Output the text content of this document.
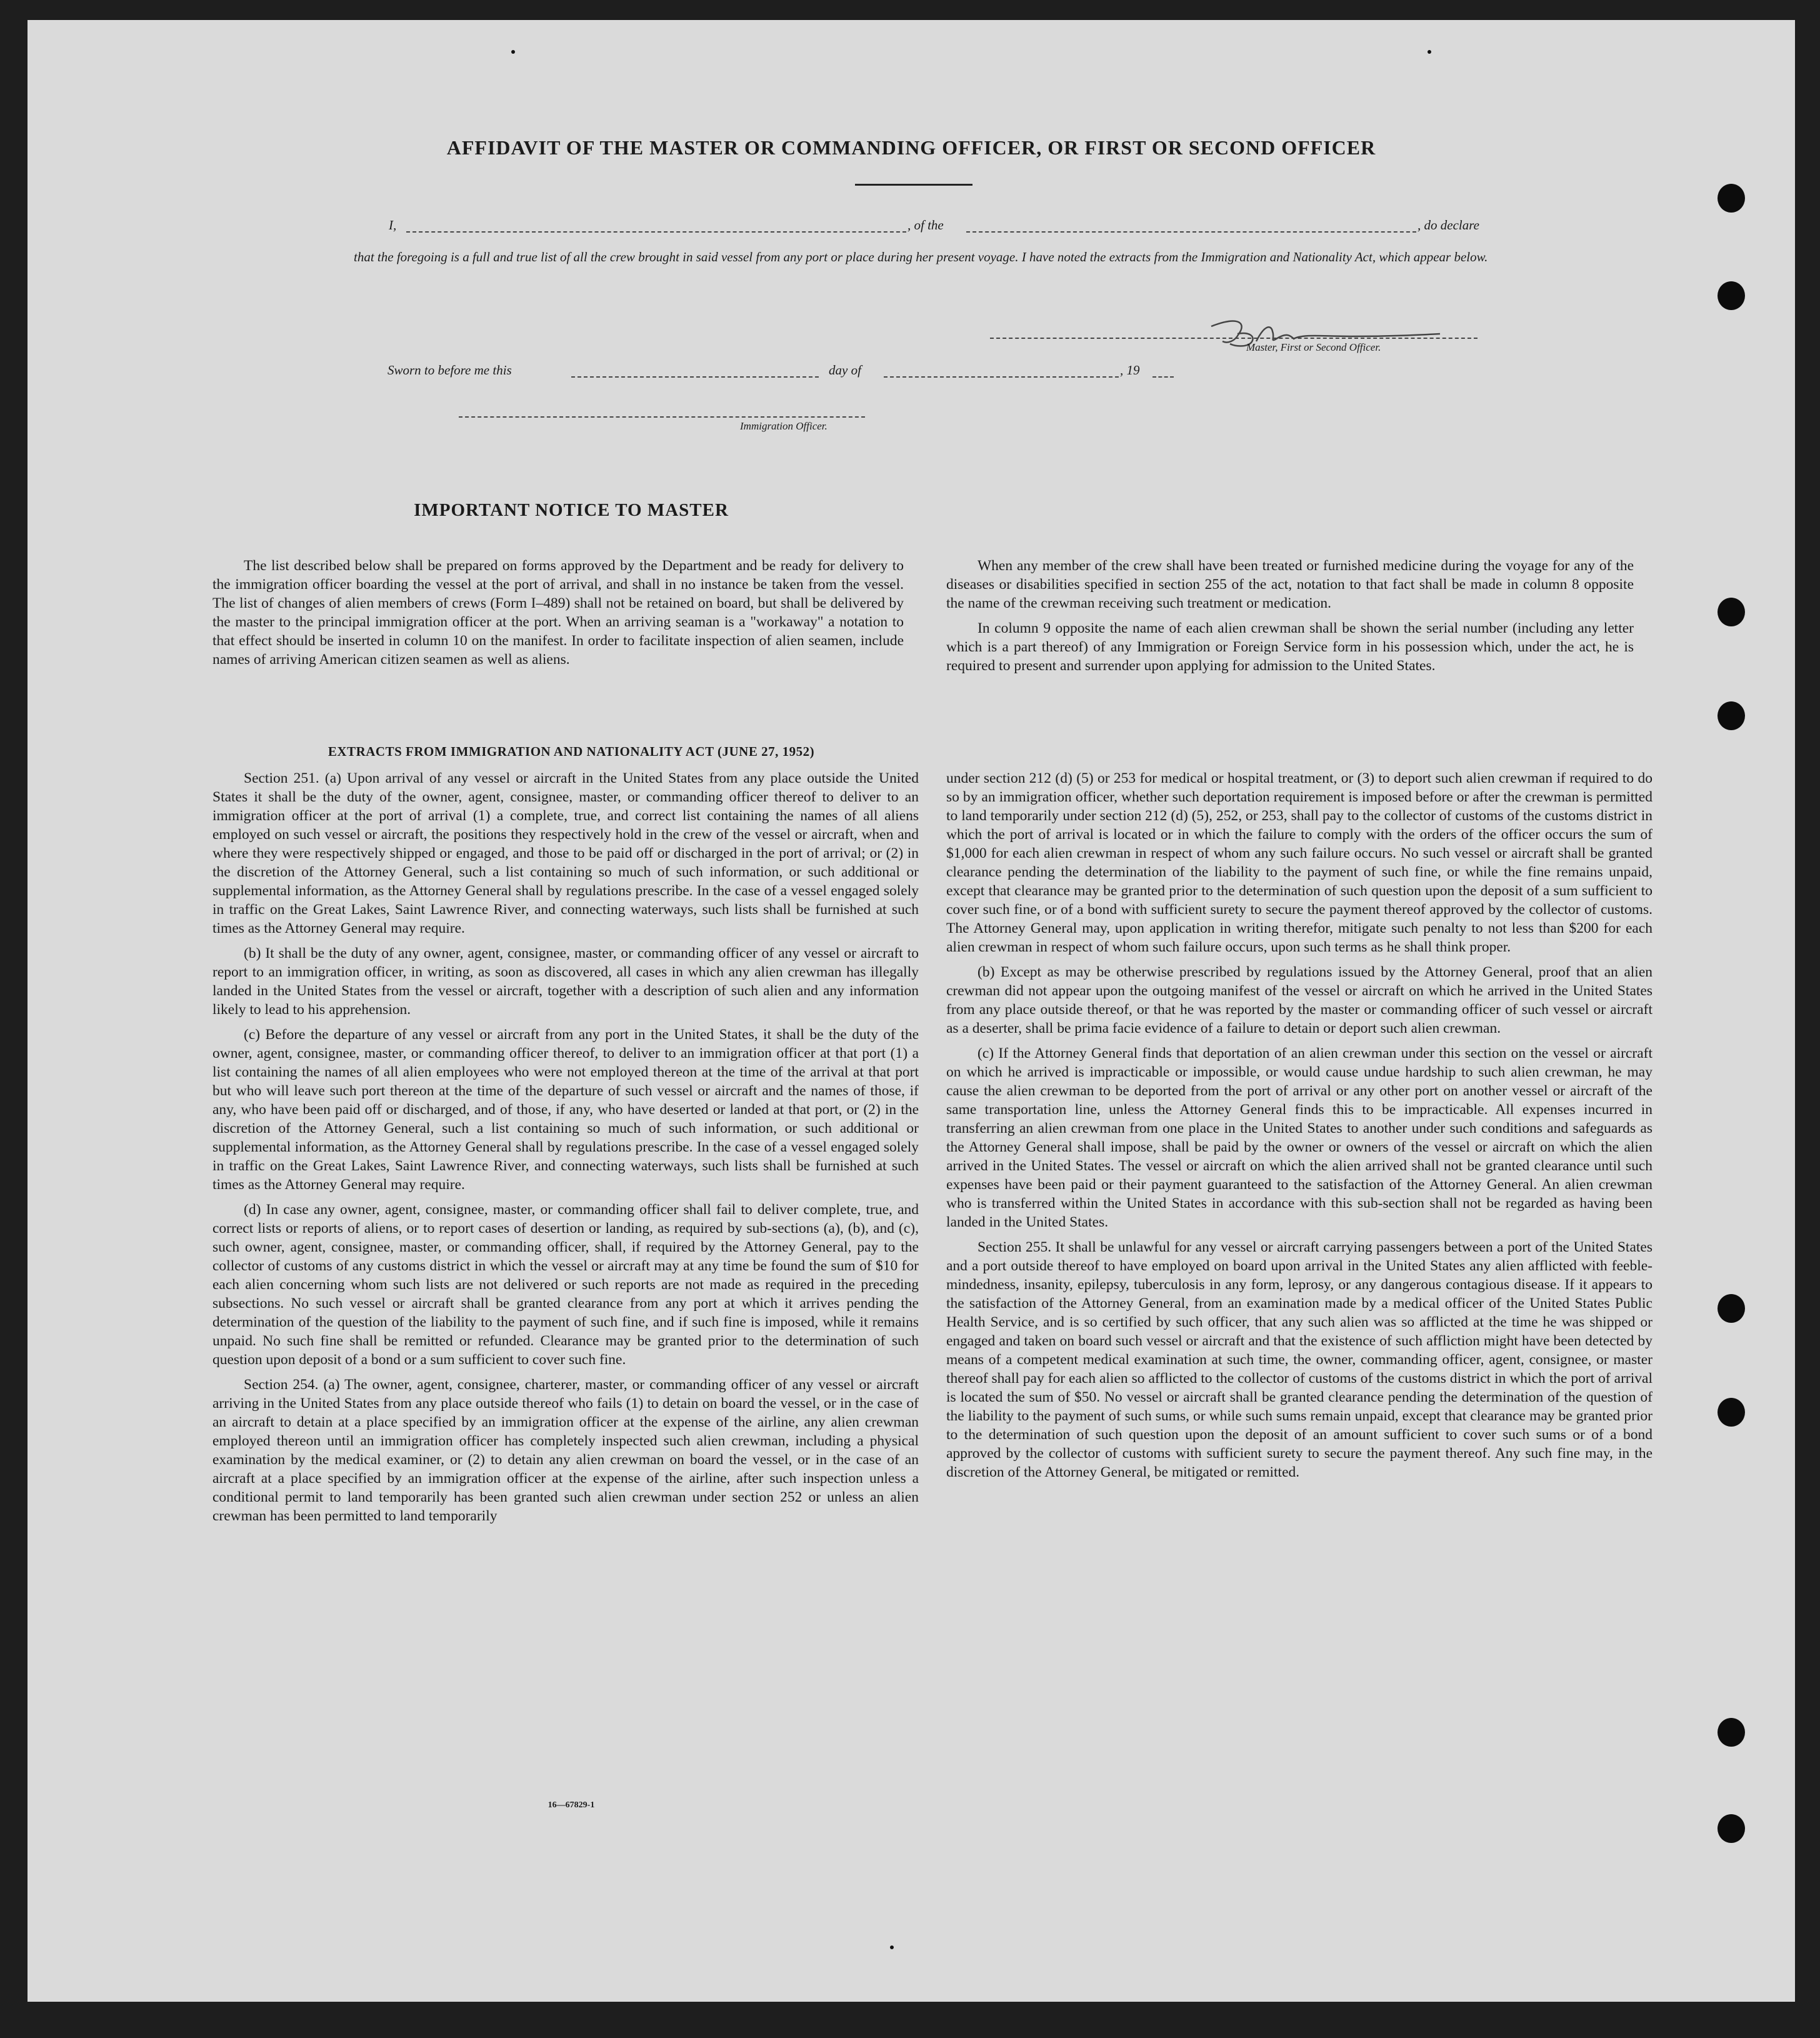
AFFIDAVIT OF THE MASTER OR COMMANDING OFFICER, OR FIRST OR SECOND OFFICER
I,	, of the	, do declare
that the foregoing is a full and true list of all the crew brought in said vessel from any port or place during her present voyage. I have noted the extracts from the Immigration and Nationality Act, which appear below.
Master, First or Second Officer.
Sworn to before me this	day of	, 19
Immigration Officer.
IMPORTANT NOTICE TO MASTER

The list described below shall be prepared on forms approved by the Department and be ready for delivery to the immigration officer boarding the vessel at the port of arrival, and shall in no instance be taken from the vessel. The list of changes of alien members of crews (Form I–489) shall not be retained on board, but shall be delivered by the master to the principal immigration officer at the port. When an arriving seaman is a "workaway" a notation to that effect should be inserted in column 10 on the manifest. In order to facilitate inspection of alien seamen, include names of arriving American citizen seamen as well as aliens.

When any member of the crew shall have been treated or furnished medicine during the voyage for any of the diseases or disabilities specified in section 255 of the act, notation to that fact shall be made in column 8 opposite the name of the crewman receiving such treatment or medication.

In column 9 opposite the name of each alien crewman shall be shown the serial number (including any letter which is a part thereof) of any Immigration or Foreign Service form in his possession which, under the act, he is required to present and surrender upon applying for admission to the United States.

EXTRACTS FROM IMMIGRATION AND NATIONALITY ACT (JUNE 27, 1952)

Section 251. (a) Upon arrival of any vessel or aircraft in the United States from any place outside the United States it shall be the duty of the owner, agent, consignee, master, or commanding officer thereof to deliver to an immigration officer at the port of arrival (1) a complete, true, and correct list containing the names of all aliens employed on such vessel or aircraft, the positions they respectively hold in the crew of the vessel or aircraft, when and where they were respectively shipped or engaged, and those to be paid off or discharged in the port of arrival; or (2) in the discretion of the Attorney General, such a list containing so much of such information, or such additional or supplemental information, as the Attorney General shall by regulations prescribe. In the case of a vessel engaged solely in traffic on the Great Lakes, Saint Lawrence River, and connecting waterways, such lists shall be furnished at such times as the Attorney General may require.

(b) It shall be the duty of any owner, agent, consignee, master, or commanding officer of any vessel or aircraft to report to an immigration officer, in writing, as soon as discovered, all cases in which any alien crewman has illegally landed in the United States from the vessel or aircraft, together with a description of such alien and any information likely to lead to his apprehension.

(c) Before the departure of any vessel or aircraft from any port in the United States, it shall be the duty of the owner, agent, consignee, master, or commanding officer thereof, to deliver to an immigration officer at that port (1) a list containing the names of all alien employees who were not employed thereon at the time of the arrival at that port but who will leave such port thereon at the time of the departure of such vessel or aircraft and the names of those, if any, who have been paid off or discharged, and of those, if any, who have deserted or landed at that port, or (2) in the discretion of the Attorney General, such a list containing so much of such information, or such additional or supplemental information, as the Attorney General shall by regulations prescribe. In the case of a vessel engaged solely in traffic on the Great Lakes, Saint Lawrence River, and connecting waterways, such lists shall be furnished at such times as the Attorney General may require.

(d) In case any owner, agent, consignee, master, or commanding officer shall fail to deliver complete, true, and correct lists or reports of aliens, or to report cases of desertion or landing, as required by sub-sections (a), (b), and (c), such owner, agent, consignee, master, or commanding officer, shall, if required by the Attorney General, pay to the collector of customs of any customs district in which the vessel or aircraft may at any time be found the sum of $10 for each alien concerning whom such lists are not delivered or such reports are not made as required in the preceding subsections. No such vessel or aircraft shall be granted clearance from any port at which it arrives pending the determination of the question of the liability to the payment of such fine, and if such fine is imposed, while it remains unpaid. No such fine shall be remitted or refunded. Clearance may be granted prior to the determination of such question upon deposit of a bond or a sum sufficient to cover such fine.

Section 254. (a) The owner, agent, consignee, charterer, master, or commanding officer of any vessel or aircraft arriving in the United States from any place outside thereof who fails (1) to detain on board the vessel, or in the case of an aircraft to detain at a place specified by an immigration officer at the expense of the airline, any alien crewman employed thereon until an immigration officer has completely inspected such alien crewman, including a physical examination by the medical examiner, or (2) to detain any alien crewman on board the vessel, or in the case of an aircraft at a place specified by an immigration officer at the expense of the airline, after such inspection unless a conditional permit to land temporarily has been granted such alien crewman under section 252 or unless an alien crewman has been permitted to land temporarily

under section 212 (d) (5) or 253 for medical or hospital treatment, or (3) to deport such alien crewman if required to do so by an immigration officer, whether such deportation requirement is imposed before or after the crewman is permitted to land temporarily under section 212 (d) (5), 252, or 253, shall pay to the collector of customs of the customs district in which the port of arrival is located or in which the failure to comply with the orders of the officer occurs the sum of $1,000 for each alien crewman in respect of whom any such failure occurs. No such vessel or aircraft shall be granted clearance pending the determination of the liability to the payment of such fine, or while the fine remains unpaid, except that clearance may be granted prior to the determination of such question upon the deposit of a sum sufficient to cover such fine, or of a bond with sufficient surety to secure the payment thereof approved by the collector of customs. The Attorney General may, upon application in writing therefor, mitigate such penalty to not less than $200 for each alien crewman in respect of whom such failure occurs, upon such terms as he shall think proper.

(b) Except as may be otherwise prescribed by regulations issued by the Attorney General, proof that an alien crewman did not appear upon the outgoing manifest of the vessel or aircraft on which he arrived in the United States from any place outside thereof, or that he was reported by the master or commanding officer of such vessel or aircraft as a deserter, shall be prima facie evidence of a failure to detain or deport such alien crewman.

(c) If the Attorney General finds that deportation of an alien crewman under this section on the vessel or aircraft on which he arrived is impracticable or impossible, or would cause undue hardship to such alien crewman, he may cause the alien crewman to be deported from the port of arrival or any other port on another vessel or aircraft of the same transportation line, unless the Attorney General finds this to be impracticable. All expenses incurred in transferring an alien crewman from one place in the United States to another under such conditions and safeguards as the Attorney General shall impose, shall be paid by the owner or owners of the vessel or aircraft on which the alien arrived in the United States. The vessel or aircraft on which the alien arrived shall not be granted clearance until such expenses have been paid or their payment guaranteed to the satisfaction of the Attorney General. An alien crewman who is transferred within the United States in accordance with this sub-section shall not be regarded as having been landed in the United States.

Section 255. It shall be unlawful for any vessel or aircraft carrying passengers between a port of the United States and a port outside thereof to have employed on board upon arrival in the United States any alien afflicted with feeble-mindedness, insanity, epilepsy, tuberculosis in any form, leprosy, or any dangerous contagious disease. If it appears to the satisfaction of the Attorney General, from an examination made by a medical officer of the United States Public Health Service, and is so certified by such officer, that any such alien was so afflicted at the time he was shipped or engaged and taken on board such vessel or aircraft and that the existence of such affliction might have been detected by means of a competent medical examination at such time, the owner, commanding officer, agent, consignee, or master thereof shall pay for each alien so afflicted to the collector of customs of the customs district in which the port of arrival is located the sum of $50. No vessel or aircraft shall be granted clearance pending the determination of the question of the liability to the payment of such sums, or while such sums remain unpaid, except that clearance may be granted prior to the determination of such question upon the deposit of an amount sufficient to cover such sums or of a bond approved by the collector of customs with sufficient surety to secure the payment thereof. Any such fine may, in the discretion of the Attorney General, be mitigated or remitted.

16—67829-1
